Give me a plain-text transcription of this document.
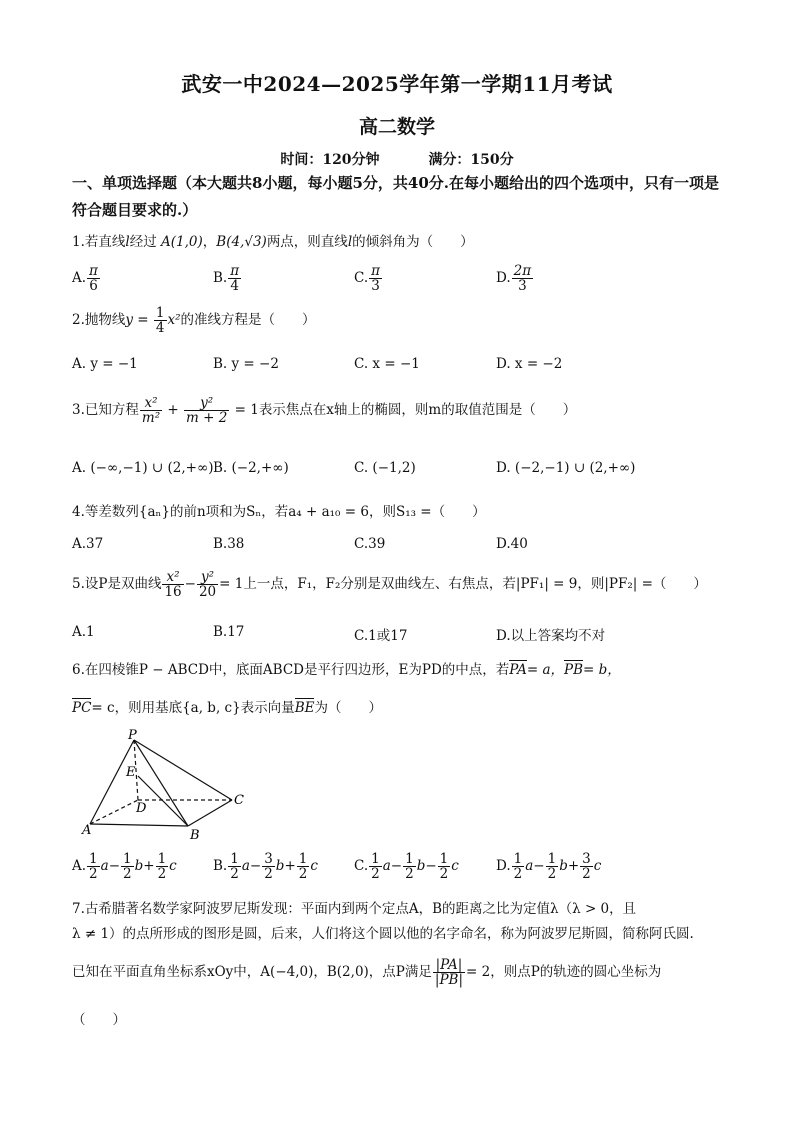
武安一中2024—2025学年第一学期11月考试
高二数学
时间：120分钟	满分：150分
一、单项选择题（本大题共8小题，每小题5分，共40分.在每小题给出的四个选项中，只有一项是符合题目要求的.）
1.若直线l经过 A(1,0)，B(4,√3)两点，则直线l的倾斜角为（　　）
A. $\frac{\pi}{6}$	B. $\frac{\pi}{4}$	C. $\frac{\pi}{3}$	D. $\frac{2\pi}{3}$
2.抛物线$y = \frac{1}{4} x^2$的准线方程是（　　）
A. y = −1	B. y = −2	C. x = −1	D. x = −2
3.已知方程 $\frac{\text{x²}}{\text{m²}} + \frac{\text{y²}}{m + 2} = 1$表示焦点在x轴上的椭圆，则m的取值范围是（　　）
A. (−∞,−1) ∪ (2,+∞) B. (−2,+∞)	C. (−1,2)	D. (−2,−1) ∪ (2,+∞)
4.等差数列{aₙ}的前n项和为Sₙ，若a₄ + a₁₀ = 6，则S₁₃ =（　　）
A.37	B.38	C.39	D.40
5.设P是双曲线 $\frac{\text{x²}}{16} - \frac{\text{y²}}{20} = 1$上一点，F₁，F₂分别是双曲线左、右焦点，若|PF₁| = 9，则|PF₂| =（　　）
A.1	B.17	C.1或17	D.以上答案均不对
6.在四棱锥P − ABCD中，底面ABCD是平行四边形，E为PD的中点，若PA= a，PB= b，
PC= c，则用基底{a, b, c}表示向量BE为（　　）
P
E
D
C
A	B
A. $\frac{1}{2} a- \frac{1}{2} b+ \frac{1}{2}$ c	B. $\frac{1}{2} a- \frac{3}{2} b+ \frac{1}{2}$ c	C. $\frac{1}{2} a- \frac{1}{2} b- \frac{1}{2}$ c	D. $\frac{1}{2} a- \frac{1}{2} b+ \frac{3}{2}$ c
7.古希腊著名数学家阿波罗尼斯发现：平面内到两个定点A，B的距离之比为定值λ（λ > 0，且
λ ≠ 1）的点所形成的图形是圆，后来，人们将这个圆以他的名字命名，称为阿波罗尼斯圆，简称阿氏圆.
已知在平面直角坐标系xOy中，A(−4,0)，B(2,0)，点P满足 $\frac{|PA|}{|PB|} = 2$，则点P的轨迹的圆心坐标为
（　　）
